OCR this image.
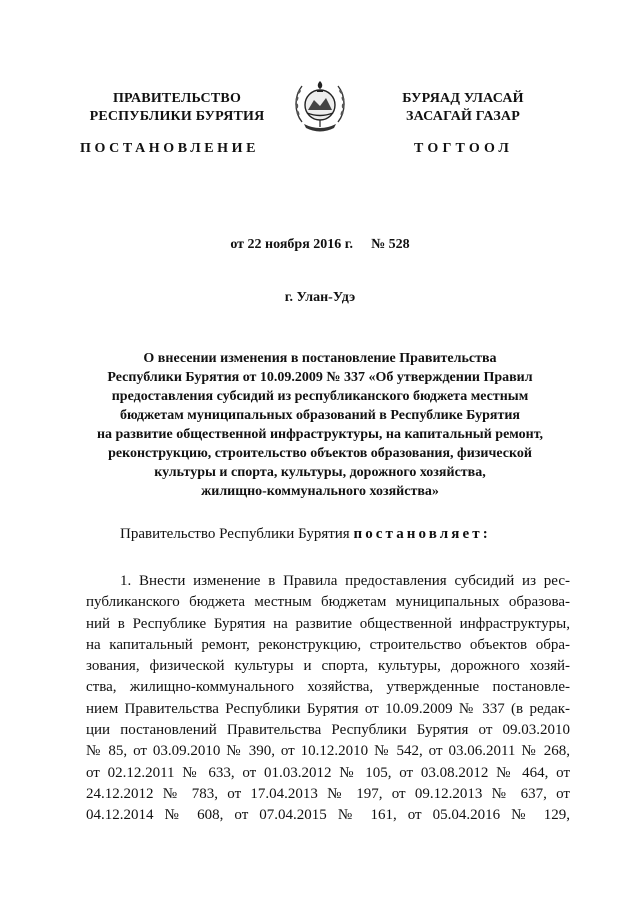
ПРАВИТЕЛЬСТВО
РЕСПУБЛИКИ БУРЯТИЯ
ПОСТАНОВЛЕНИЕ
БУРЯАД УЛАСАЙ
ЗАСАГАЙ ГАЗАР
ТОГТООЛ
от 22 ноября 2016 г. № 528
г. Улан-Удэ
О внесении изменения в постановление Правительства
Республики Бурятия от 10.09.2009 № 337 «Об утверждении Правил
предоставления субсидий из республиканского бюджета местным
бюджетам муниципальных образований в Республике Бурятия
на развитие общественной инфраструктуры, на капитальный ремонт,
реконструкцию, строительство объектов образования, физической
культуры и спорта, культуры, дорожного хозяйства,
жилищно-коммунального хозяйства»
Правительство Республики Бурятия постановляет:
1. Внести изменение в Правила предоставления субсидий из рес-
публиканского бюджета местным бюджетам муниципальных образова-
ний в Республике Бурятия на развитие общественной инфраструктуры,
на капитальный ремонт, реконструкцию, строительство объектов обра-
зования, физической культуры и спорта, культуры, дорожного хозяй-
ства, жилищно-коммунального хозяйства, утвержденные постановле-
нием Правительства Республики Бурятия от 10.09.2009 № 337 (в редак-
ции постановлений Правительства Республики Бурятия от 09.03.2010
№ 85, от 03.09.2010 № 390, от 10.12.2010 № 542, от 03.06.2011 № 268,
от 02.12.2011 № 633, от 01.03.2012 № 105, от 03.08.2012 № 464, от
24.12.2012 № 783, от 17.04.2013 № 197, от 09.12.2013 № 637, от
04.12.2014 № 608, от 07.04.2015 № 161, от 05.04.2016 № 129,
